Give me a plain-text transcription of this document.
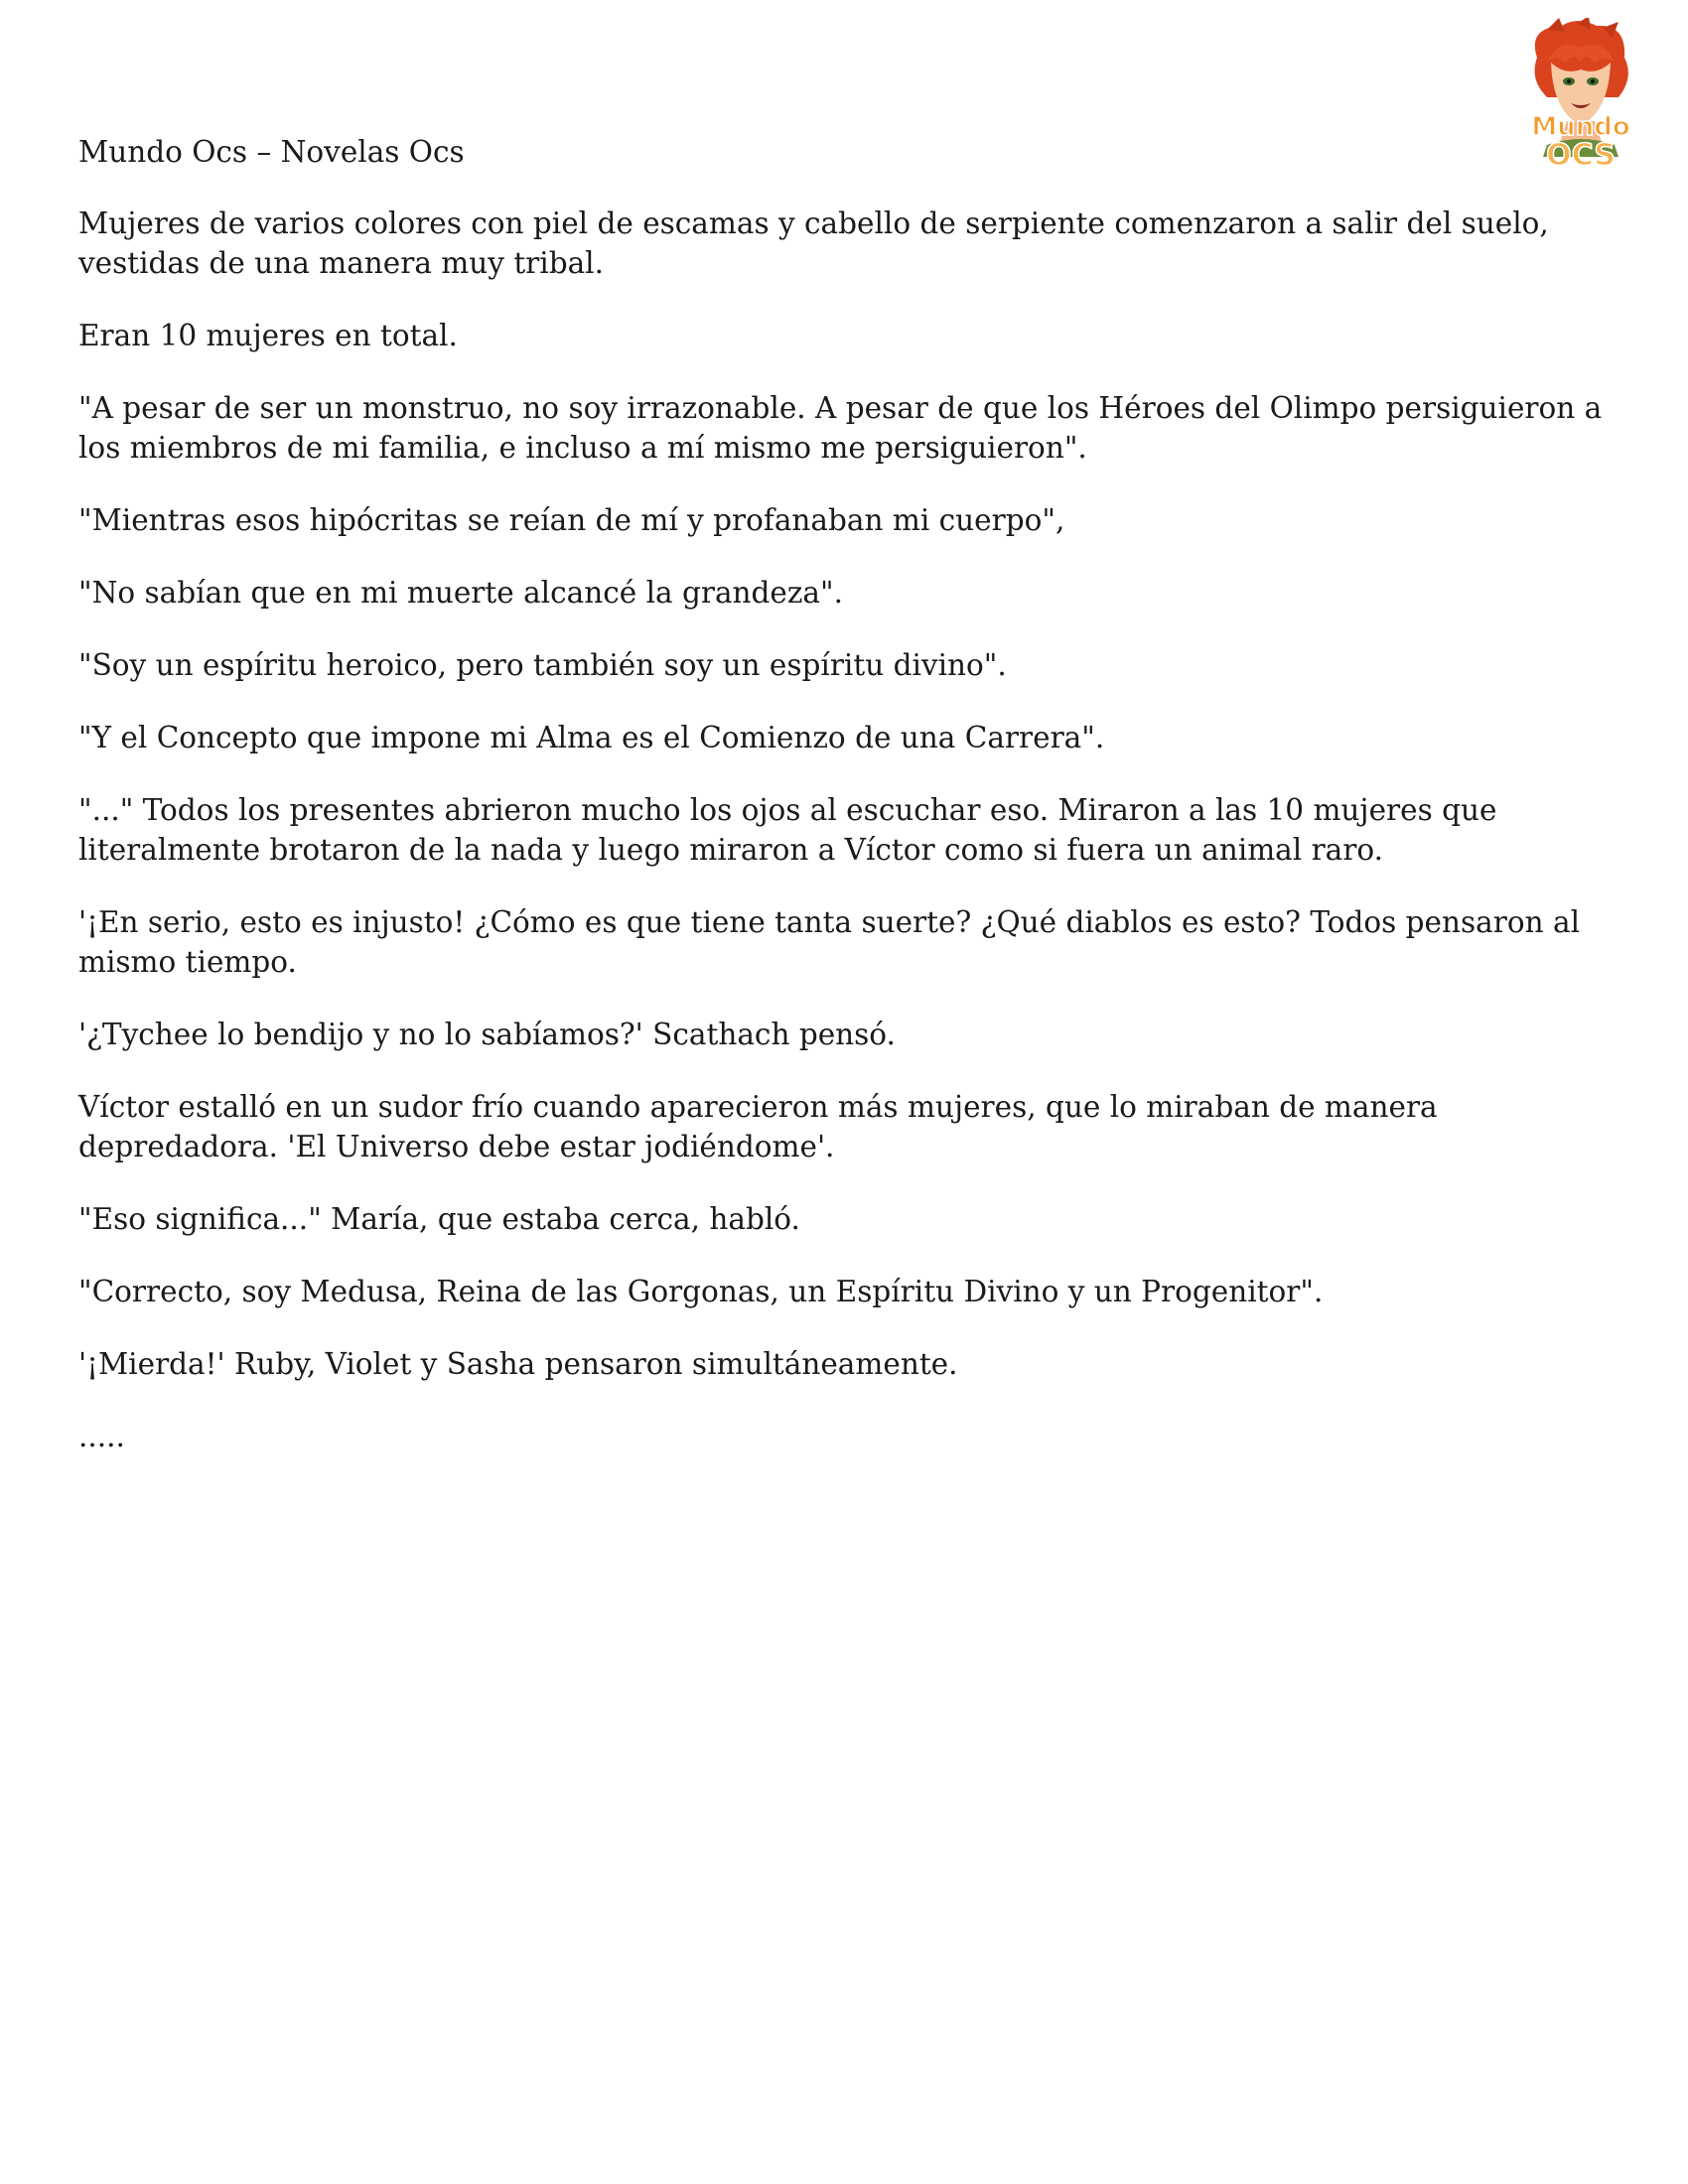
Mundo Ocs – Novelas Ocs
Mundo
OCS

Mujeres de varios colores con piel de escamas y cabello de serpiente comenzaron a salir del suelo, vestidas de una manera muy tribal.

Eran 10 mujeres en total.

"A pesar de ser un monstruo, no soy irrazonable. A pesar de que los Héroes del Olimpo persiguieron a los miembros de mi familia, e incluso a mí mismo me persiguieron".

"Mientras esos hipócritas se reían de mí y profanaban mi cuerpo",

"No sabían que en mi muerte alcancé la grandeza".

"Soy un espíritu heroico, pero también soy un espíritu divino".

"Y el Concepto que impone mi Alma es el Comienzo de una Carrera".

"..." Todos los presentes abrieron mucho los ojos al escuchar eso. Miraron a las 10 mujeres que literalmente brotaron de la nada y luego miraron a Víctor como si fuera un animal raro.

'¡En serio, esto es injusto! ¿Cómo es que tiene tanta suerte? ¿Qué diablos es esto? Todos pensaron al mismo tiempo.

'¿Tychee lo bendijo y no lo sabíamos?' Scathach pensó.

Víctor estalló en un sudor frío cuando aparecieron más mujeres, que lo miraban de manera depredadora. 'El Universo debe estar jodiéndome'.

"Eso significa..." María, que estaba cerca, habló.

"Correcto, soy Medusa, Reina de las Gorgonas, un Espíritu Divino y un Progenitor".

'¡Mierda!' Ruby, Violet y Sasha pensaron simultáneamente.

.....
